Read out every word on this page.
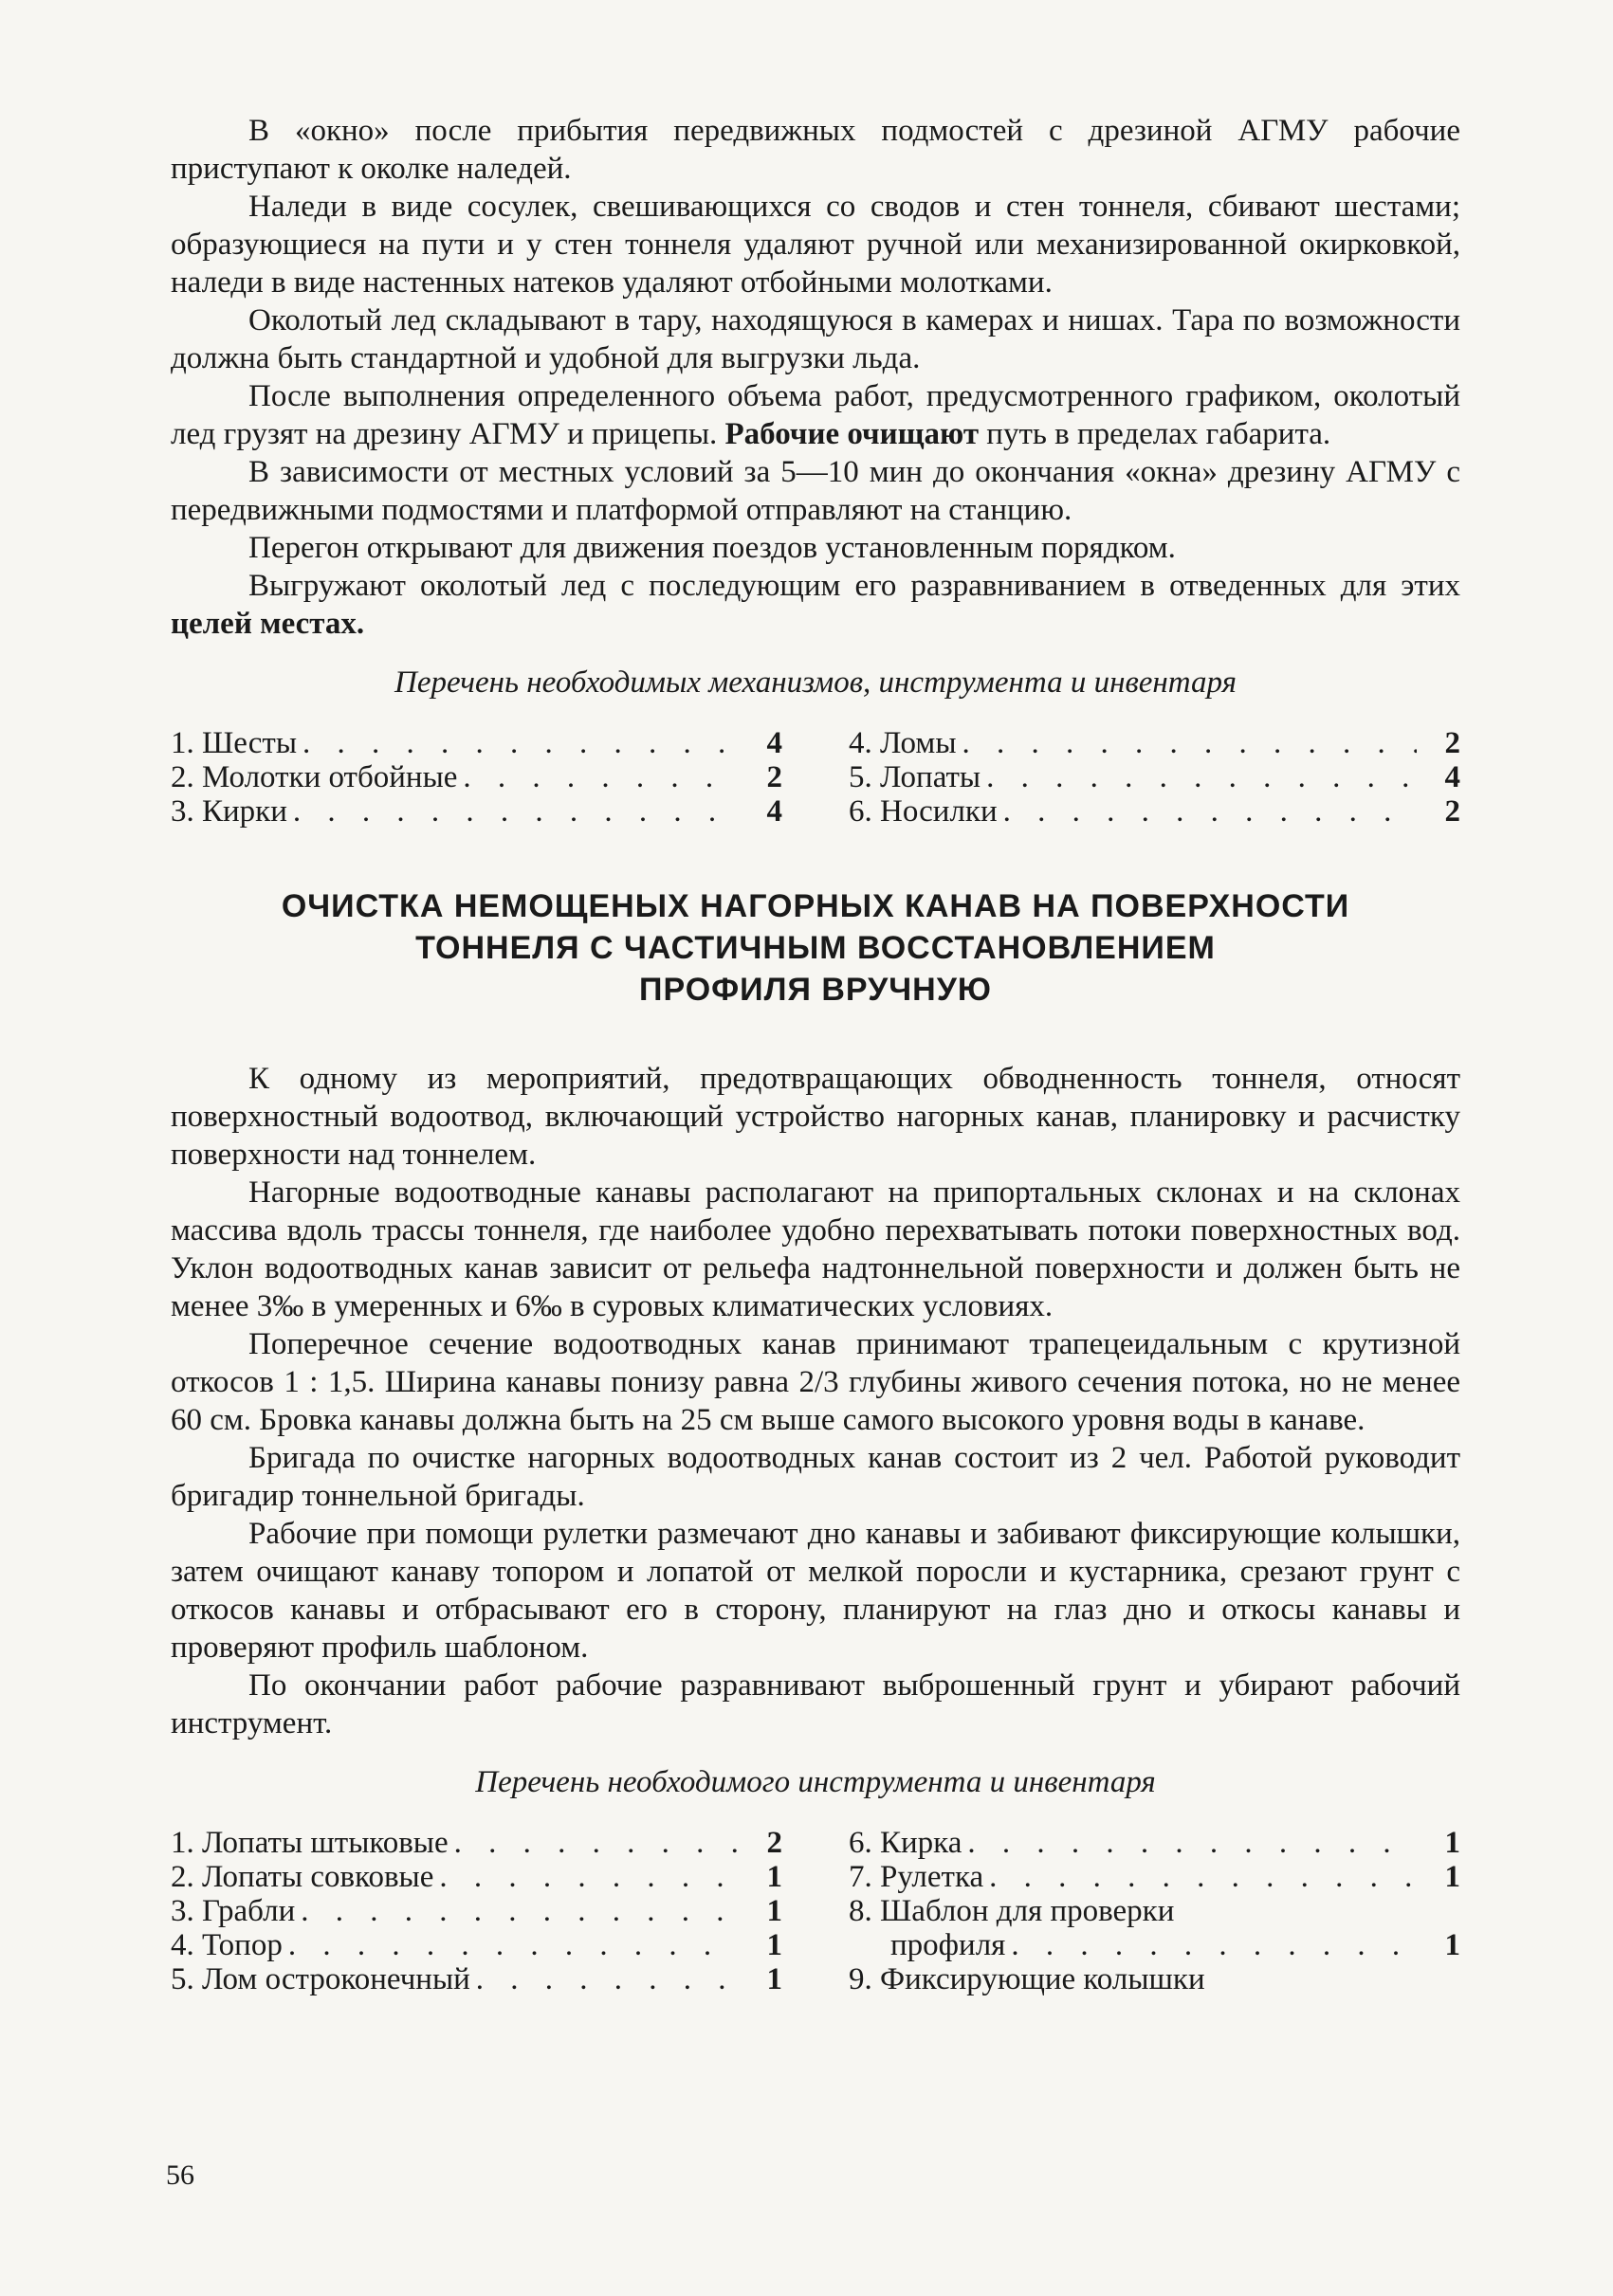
В «окно» после прибытия передвижных подмостей с дрезиной АГМУ рабочие приступают к околке наледей.

Наледи в виде сосулек, свешивающихся со сводов и стен тоннеля, сбивают шестами; образующиеся на пути и у стен тоннеля удаляют ручной или механизированной окирковкой, наледи в виде настенных натеков удаляют отбойными молотками.

Околотый лед складывают в тару, находящуюся в камерах и нишах. Тара по возможности должна быть стандартной и удобной для выгрузки льда.

После выполнения определенного объема работ, предусмотренного графиком, околотый лед грузят на дрезину АГМУ и прицепы. Рабочие очищают путь в пределах габарита.

В зависимости от местных условий за 5—10 мин до окончания «окна» дрезину АГМУ с передвижными подмостями и платформой отправляют на станцию.

Перегон открывают для движения поездов установленным порядком.

Выгружают околотый лед с последующим его разравниванием в отведенных для этих целей местах.

Перечень необходимых механизмов, инструмента и инвентаря
1. Шесты . . .	4
2. Молотки отбойные . . .	2
3. Кирки . . .	4
4. Ломы . . .	2
5. Лопаты . . .	4
6. Носилки . . .	2
ОЧИСТКА НЕМОЩЕНЫХ НАГОРНЫХ КАНАВ НА ПОВЕРХНОСТИ
ТОННЕЛЯ С ЧАСТИЧНЫМ ВОССТАНОВЛЕНИЕМ
ПРОФИЛЯ ВРУЧНУЮ

К одному из мероприятий, предотвращающих обводненность тоннеля, относят поверхностный водоотвод, включающий устройство нагорных канав, планировку и расчистку поверхности над тоннелем.

Нагорные водоотводные канавы располагают на припортальных склонах и на склонах массива вдоль трассы тоннеля, где наиболее удобно перехватывать потоки поверхностных вод. Уклон водоотводных канав зависит от рельефа надтоннельной поверхности и должен быть не менее 3‰ в умеренных и 6‰ в суровых климатических условиях.

Поперечное сечение водоотводных канав принимают трапецеидальным с крутизной откосов 1 : 1,5. Ширина канавы понизу равна 2/3 глубины живого сечения потока, но не менее 60 см. Бровка канавы должна быть на 25 см выше самого высокого уровня воды в канаве.

Бригада по очистке нагорных водоотводных канав состоит из 2 чел. Работой руководит бригадир тоннельной бригады.

Рабочие при помощи рулетки размечают дно канавы и забивают фиксирующие колышки, затем очищают канаву топором и лопатой от мелкой поросли и кустарника, срезают грунт с откосов канавы и отбрасывают его в сторону, планируют на глаз дно и откосы канавы и проверяют профиль шаблоном.

По окончании работ рабочие разравнивают выброшенный грунт и убирают рабочий инструмент.

Перечень необходимого инструмента и инвентаря
1. Лопаты штыковые . . .	2
2. Лопаты совковые . . .	1
3. Грабли . . .	1
4. Топор . . .	1
5. Лом остроконечный . . .	1
6. Кирка . . .	1
7. Рулетка . . .	1
8. Шаблон для проверки
профиля . . .	1
9. Фиксирующие колышки
56
